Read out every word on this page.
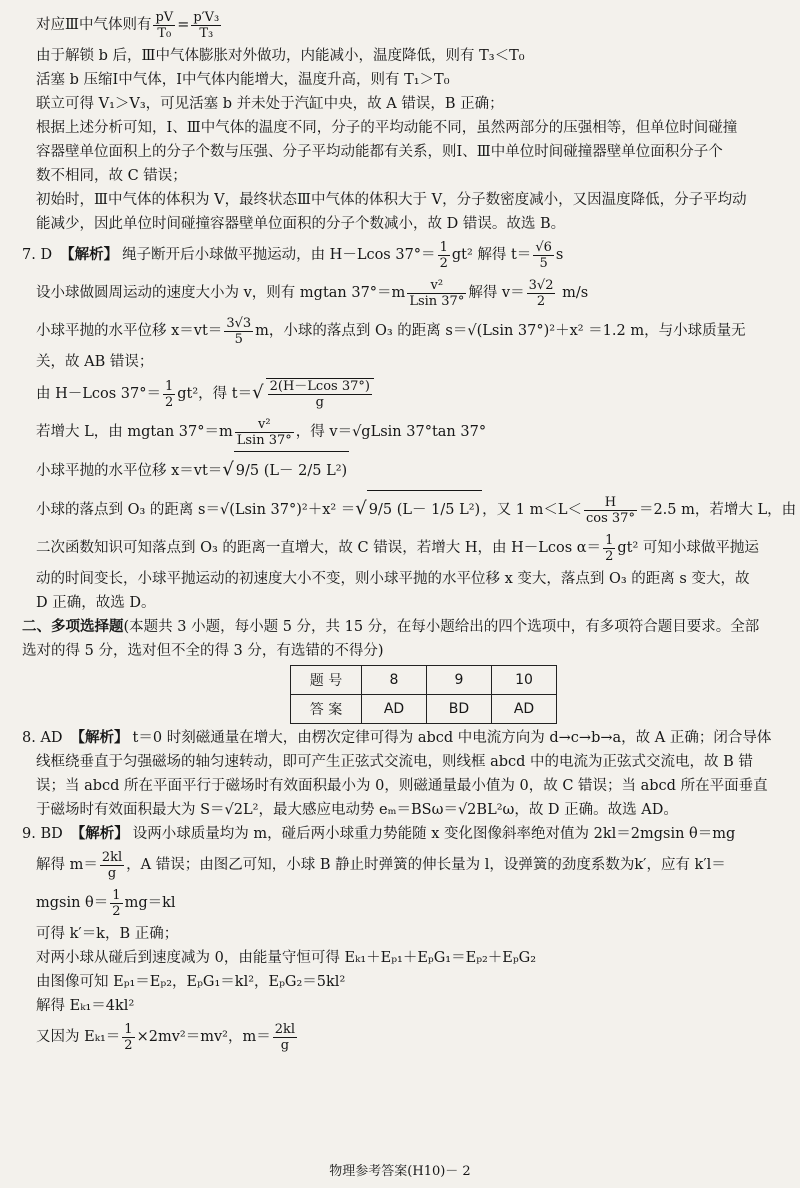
对应Ⅲ中气体则有 $\frac{pV}{\text{T₀}} = \frac{\text{p′V₃}}{\text{T₃}}$
由于解锁 b 后，Ⅲ中气体膨胀对外做功，内能减小，温度降低，则有 T₃＜T₀
活塞 b 压缩Ⅰ中气体，Ⅰ中气体内能增大，温度升高，则有 T₁＞T₀
联立可得 V₁＞V₃，可见活塞 b 并未处于汽缸中央，故 A 错误，B 正确；
根据上述分析可知，Ⅰ、Ⅲ中气体的温度不同，分子的平均动能不同，虽然两部分的压强相等，但单位时间碰撞
容器壁单位面积上的分子个数与压强、分子平均动能都有关系，则Ⅰ、Ⅲ中单位时间碰撞器壁单位面积分子个
数不相同，故 C 错误；
初始时，Ⅲ中气体的体积为 V，最终状态Ⅲ中气体的体积大于 V，分子数密度减小，又因温度降低，分子平均动
能减少，因此单位时间碰撞容器壁单位面积的分子个数减小，故 D 错误。故选 B。
7. D 【解析】 绳子断开后小球做平抛运动，由 H－Lcos $37^\circ= \frac{1}{2} gt^2$ 解得 $t= \frac{√6}{5}$ s
设小球做圆周运动的速度大小为 v，则有 mgtan $37^\circ=m \frac{\text{v²}}{Lsin 37^\circ}$ 解得 $v= \frac{3√2}{2} m/s$
小球平抛的水平位移 $x=vt= \frac{3√3}{5}$ m，小球的落点到 O₃ 的距离 s＝√(Lsin 37°)²＋x² ＝1.2 m，与小球质量无
关，故 AB 错误；
由 H－Lcos $37^\circ= \frac{1}{2} gt^2$，得 $t=√ \frac{2(H-Lcos 37^\circ)}{g}$
若增大 L，由 mgtan $37^\circ=m \frac{\text{v²}}{Lsin 37^\circ}$ ，得 v＝√gLsin 37°tan 37°
小球平抛的水平位移 x＝vt＝√ 9/5 (L－ 2/5 L²)
小球的落点到 O₃ 的距离 s＝√(Lsin 37°)²＋x² ＝√ 9/5 (L－ 1/5 L²) ，又 1 $m<L< \frac{H}{\cos 37^\circ} =2.5$ m，若增大 L，由
二次函数知识可知落点到 O₃ 的距离一直增大，故 C 错误，若增大 H，由 H－Lcos $\alpha= \frac{1}{2} gt^2$ 可知小球做平抛运
动的时间变长，小球平抛运动的初速度大小不变，则小球平抛的水平位移 x 变大，落点到 O₃ 的距离 s 变大，故
D 正确，故选 D。
二、多项选择题(本题共 3 小题，每小题 5 分，共 15 分，在每小题给出的四个选项中，有多项符合题目要求。全部
选对的得 5 分，选对但不全的得 3 分，有选错的不得分)
题 号	8	9	10
答 案	AD	BD	AD
8. AD 【解析】 t＝0 时刻磁通量在增大，由楞次定律可得为 abcd 中电流方向为 d→c→b→a，故 A 正确；闭合导体
线框绕垂直于匀强磁场的轴匀速转动，即可产生正弦式交流电，则线框 abcd 中的电流为正弦式交流电，故 B 错
误；当 abcd 所在平面平行于磁场时有效面积最小为 0，则磁通量最小值为 0，故 C 错误；当 abcd 所在平面垂直
于磁场时有效面积最大为 S＝√2L²，最大感应电动势 eₘ＝BSω＝√2BL²ω，故 D 正确。故选 AD。
9. BD 【解析】 设两小球质量均为 m，碰后两小球重力势能随 x 变化图像斜率绝对值为 2kl＝2mgsin θ＝mg
解得 $m= \frac{2kl}{g}$ ，A 错误；由图乙可知，小球 B 静止时弹簧的伸长量为 l，设弹簧的劲度系数为k′，应有 k′l＝
mgsin $\theta= \frac{1}{2} mg=kl$
可得 k′＝k，B 正确；
对两小球从碰后到速度减为 0，由能量守恒可得 Eₖ₁＋Eₚ₁＋EₚG₁＝Eₚ₂＋EₚG₂
由图像可知 Eₚ₁＝Eₚ₂，EₚG₁＝kl²，EₚG₂＝5kl²
解得 Eₖ₁＝4kl²
又因为 $E_{k1}= \frac{1}{2} \times 2mv^2=mv^2$，$m= \frac{2kl}{g}$
物理参考答案(H10)－ 2
